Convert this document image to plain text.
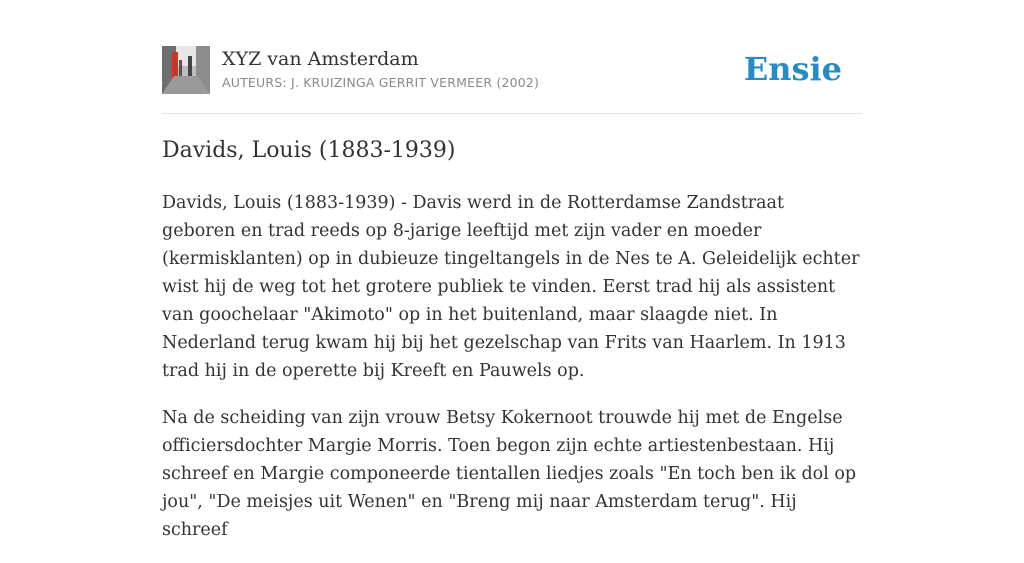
XYZ van Amsterdam
AUTEURS: J. KRUIZINGA GERRIT VERMEER (2002)	Ensie
Davids, Louis (1883-1939)

Davids, Louis (1883-1939) - Davis werd in de Rotterdamse Zandstraat geboren en trad reeds op 8-jarige leeftijd met zijn vader en moeder (kermisklanten) op in dubieuze tingeltangels in de Nes te A. Geleidelijk echter wist hij de weg tot het grotere publiek te vinden. Eerst trad hij als assistent van goochelaar "Akimoto" op in het buitenland, maar slaagde niet. In Nederland terug kwam hij bij het gezelschap van Frits van Haarlem. In 1913 trad hij in de operette bij Kreeft en Pauwels op.

Na de scheiding van zijn vrouw Betsy Kokernoot trouwde hij met de Engelse officiersdochter Margie Morris. Toen begon zijn echte artiestenbestaan. Hij schreef en Margie componeerde tientallen liedjes zoals "En toch ben ik dol op jou", "De meisjes uit Wenen" en "Breng mij naar Amsterdam terug". Hij schreef
